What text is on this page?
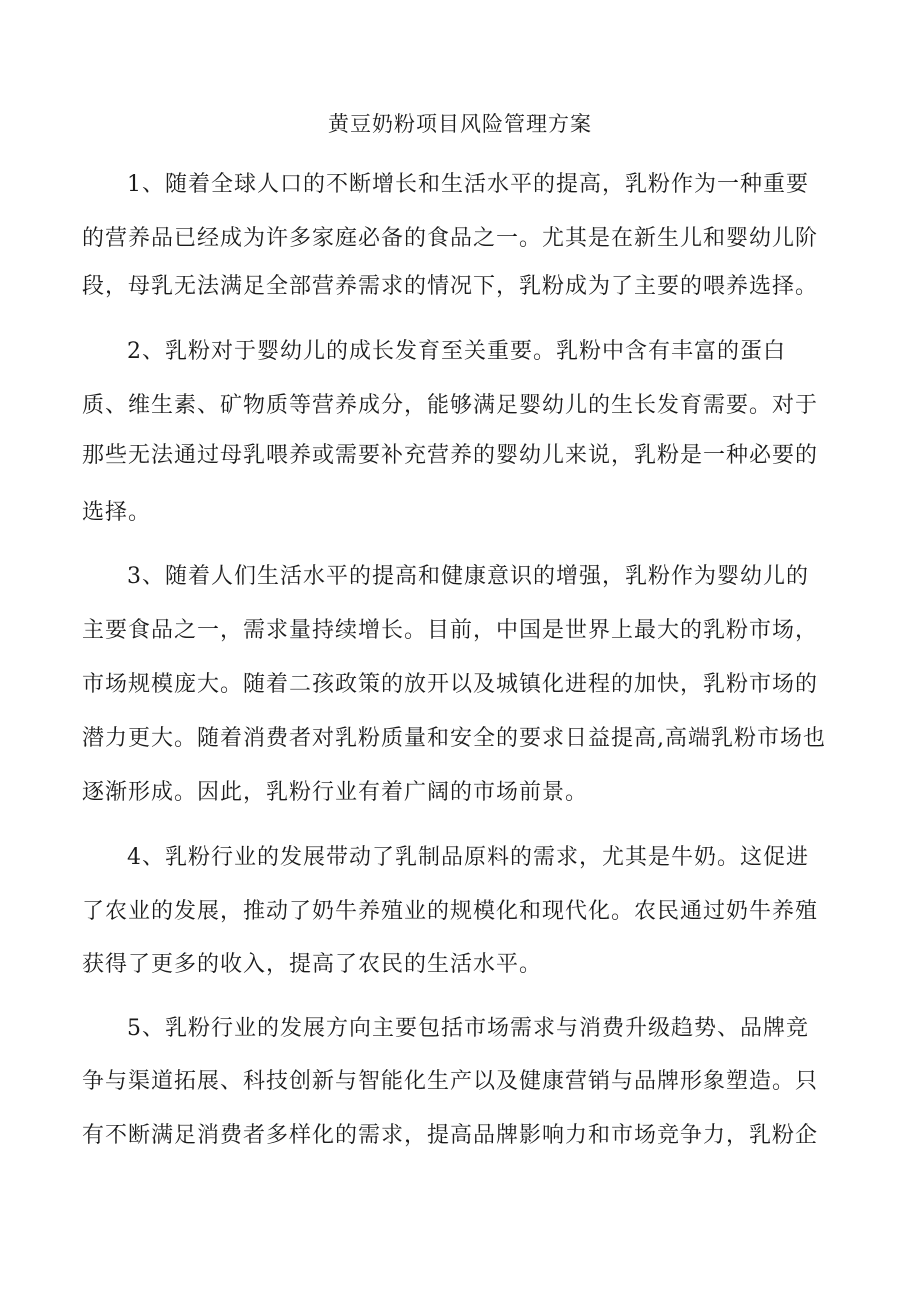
黄豆奶粉项目风险管理方案
1、随着全球人口的不断增长和生活水平的提高，乳粉作为一种重要
的营养品已经成为许多家庭必备的食品之一。尤其是在新生儿和婴幼儿阶
段，母乳无法满足全部营养需求的情况下，乳粉成为了主要的喂养选择。
2、乳粉对于婴幼儿的成长发育至关重要。乳粉中含有丰富的蛋白
质、维生素、矿物质等营养成分，能够满足婴幼儿的生长发育需要。对于
那些无法通过母乳喂养或需要补充营养的婴幼儿来说，乳粉是一种必要的
选择。
3、随着人们生活水平的提高和健康意识的增强，乳粉作为婴幼儿的
主要食品之一，需求量持续增长。目前，中国是世界上最大的乳粉市场，
市场规模庞大。随着二孩政策的放开以及城镇化进程的加快，乳粉市场的
潜力更大。随着消费者对乳粉质量和安全的要求日益提高,高端乳粉市场也
逐渐形成。因此，乳粉行业有着广阔的市场前景。
4、乳粉行业的发展带动了乳制品原料的需求，尤其是牛奶。这促进
了农业的发展，推动了奶牛养殖业的规模化和现代化。农民通过奶牛养殖
获得了更多的收入，提高了农民的生活水平。
5、乳粉行业的发展方向主要包括市场需求与消费升级趋势、品牌竞
争与渠道拓展、科技创新与智能化生产以及健康营销与品牌形象塑造。只
有不断满足消费者多样化的需求，提高品牌影响力和市场竞争力，乳粉企
